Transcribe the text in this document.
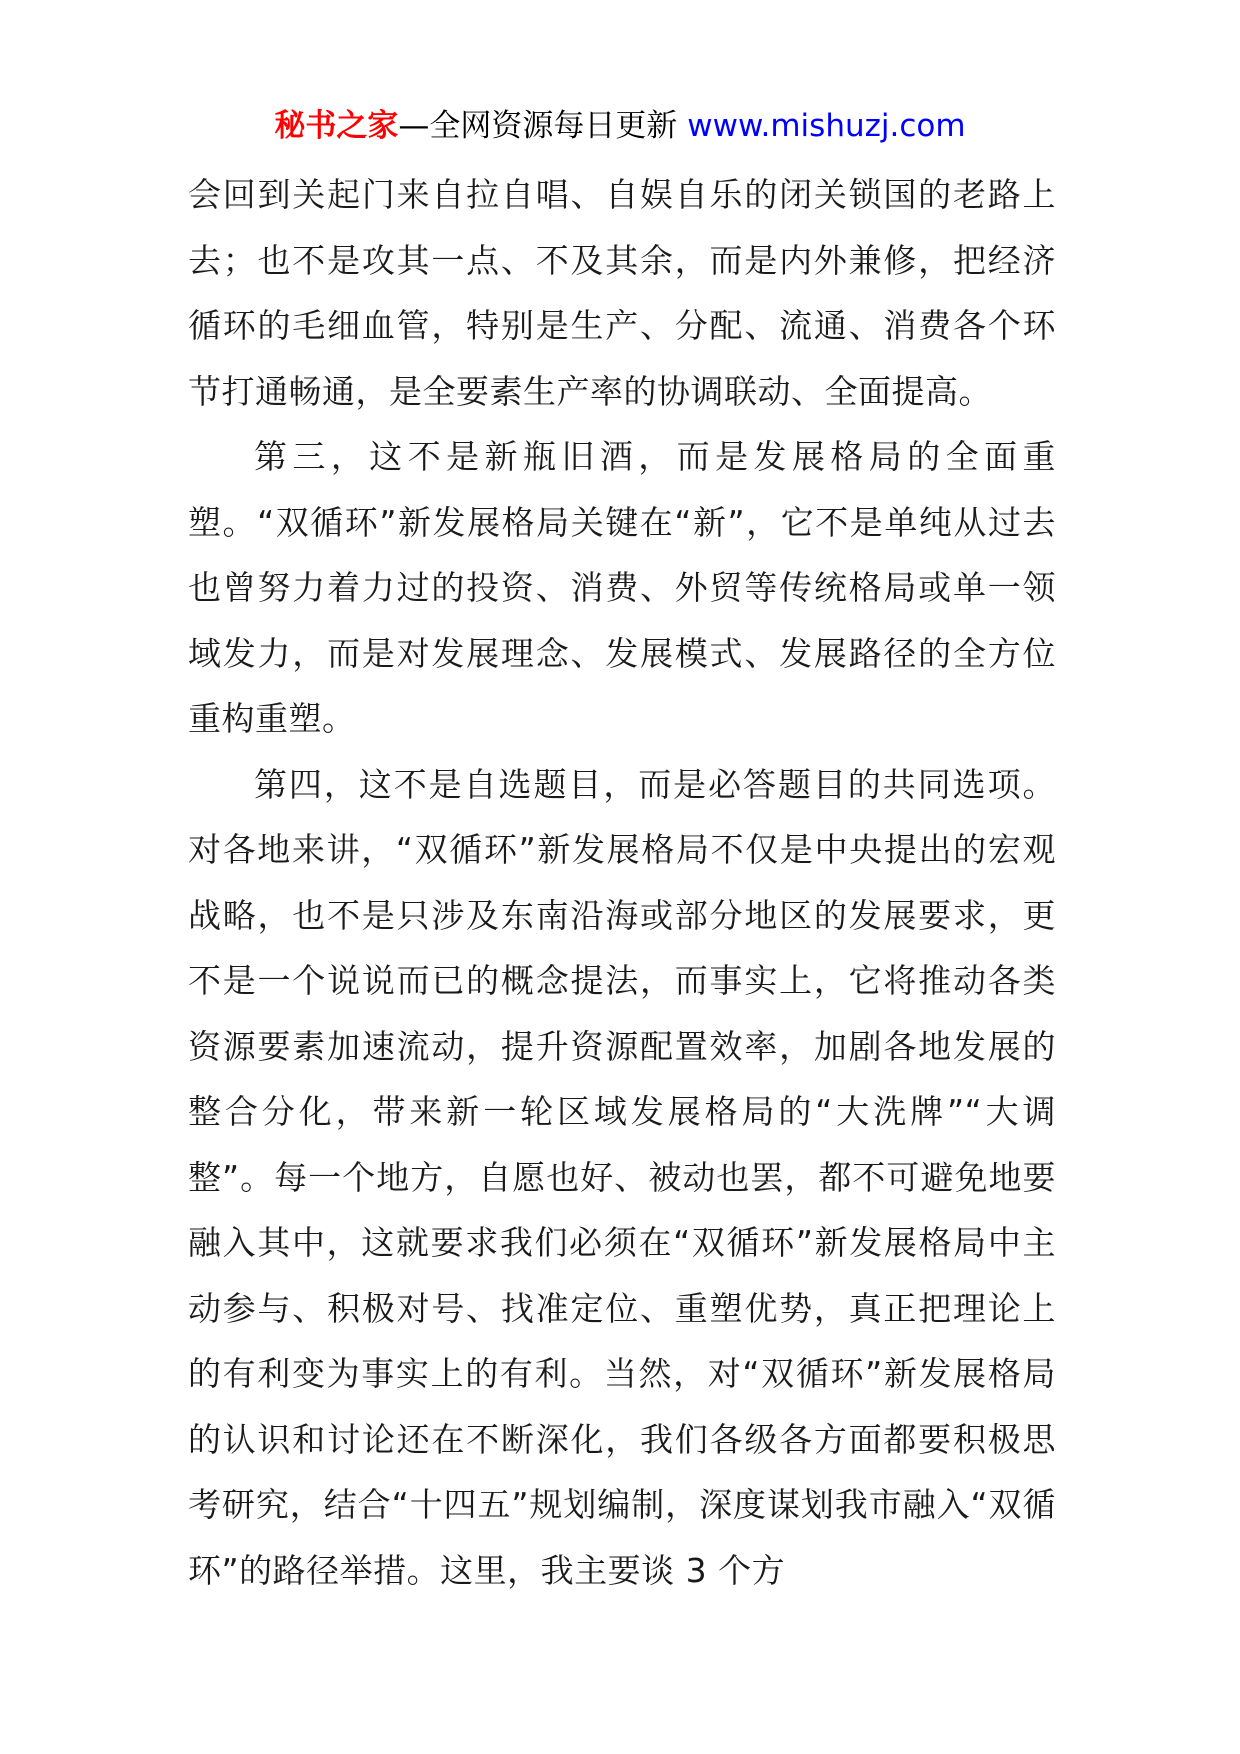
秘书之家—全网资源每日更新 www.mishuzj.com

会回到关起门来自拉自唱、自娱自乐的闭关锁国的老路上去；也不是攻其一点、不及其余，而是内外兼修，把经济循环的毛细血管，特别是生产、分配、流通、消费各个环节打通畅通，是全要素生产率的协调联动、全面提高。

第三，这不是新瓶旧酒，而是发展格局的全面重塑。“双循环”新发展格局关键在“新”，它不是单纯从过去也曾努力着力过的投资、消费、外贸等传统格局或单一领域发力，而是对发展理念、发展模式、发展路径的全方位重构重塑。

第四，这不是自选题目，而是必答题目的共同选项。对各地来讲，“双循环”新发展格局不仅是中央提出的宏观战略，也不是只涉及东南沿海或部分地区的发展要求，更不是一个说说而已的概念提法，而事实上，它将推动各类资源要素加速流动，提升资源配置效率，加剧各地发展的整合分化，带来新一轮区域发展格局的“大洗牌”“大调整”。每一个地方，自愿也好、被动也罢，都不可避免地要融入其中，这就要求我们必须在“双循环”新发展格局中主动参与、积极对号、找准定位、重塑优势，真正把理论上的有利变为事实上的有利。当然，对“双循环”新发展格局的认识和讨论还在不断深化，我们各级各方面都要积极思考研究，结合“十四五”规划编制，深度谋划我市融入“双循环”的路径举措。这里，我主要谈 3 个方
